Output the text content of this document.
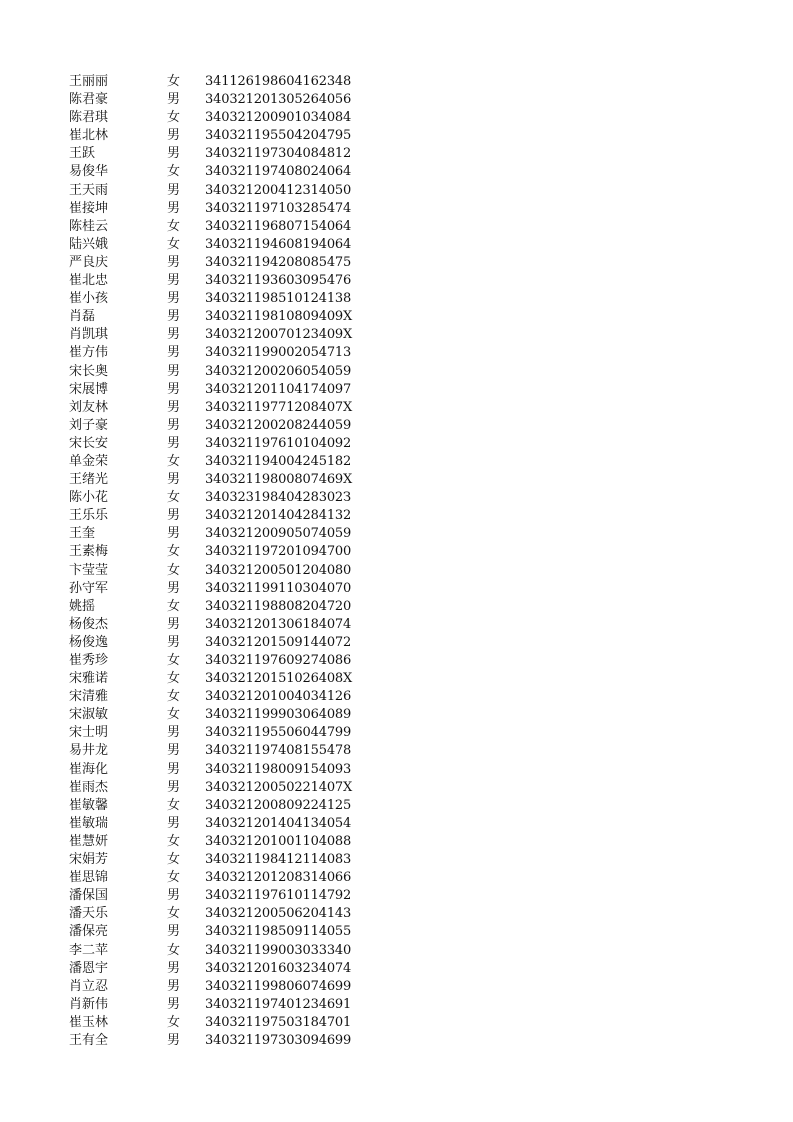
王丽丽	女	341126198604162348
陈君豪	男	340321201305264056
陈君琪	女	340321200901034084
崔北林	男	340321195504204795
王跃	男	340321197304084812
易俊华	女	340321197408024064
王天雨	男	340321200412314050
崔接坤	男	340321197103285474
陈桂云	女	340321196807154064
陆兴娥	女	340321194608194064
严良庆	男	340321194208085475
崔北忠	男	340321193603095476
崔小孩	男	340321198510124138
肖磊	男	34032119810809409X
肖凯琪	男	34032120070123409X
崔方伟	男	340321199002054713
宋长奥	男	340321200206054059
宋展博	男	340321201104174097
刘友林	男	34032119771208407X
刘子豪	男	340321200208244059
宋长安	男	340321197610104092
单金荣	女	340321194004245182
王绪光	男	34032119800807469X
陈小花	女	34032319840428302З
王乐乐	男	340321201404284132
王奎	男	340321200905074059
王素梅	女	340321197201094700
卞莹莹	女	340321200501204080
孙守军	男	340321199110304070
姚摇	女	340321198808204720
杨俊杰	男	340321201306184074
杨俊逸	男	340321201509144072
崔秀珍	女	340321197609274086
宋雅诺	女	34032120151026408X
宋清雅	女	340321201004034126
宋淑敏	女	340321199903064089
宋士明	男	340321195506044799
易井龙	男	340321197408155478
崔海化	男	340321198009154093
崔雨杰	男	34032120050221407X
崔敏馨	女	340321200809224125
崔敏瑞	男	340321201404134054
崔慧妍	女	340321201001104088
宋娟芳	女	340321198412114083
崔思锦	女	340321201208314066
潘保国	男	340321197610114792
潘天乐	女	340321200506204143
潘保亮	男	340321198509114055
李二苹	女	340321199003033340
潘恩宇	男	340321201603234074
肖立忍	男	340321199806074699
肖新伟	男	340321197401234691
崔玉林	女	340321197503184701
王有全	男	340321197303094699
